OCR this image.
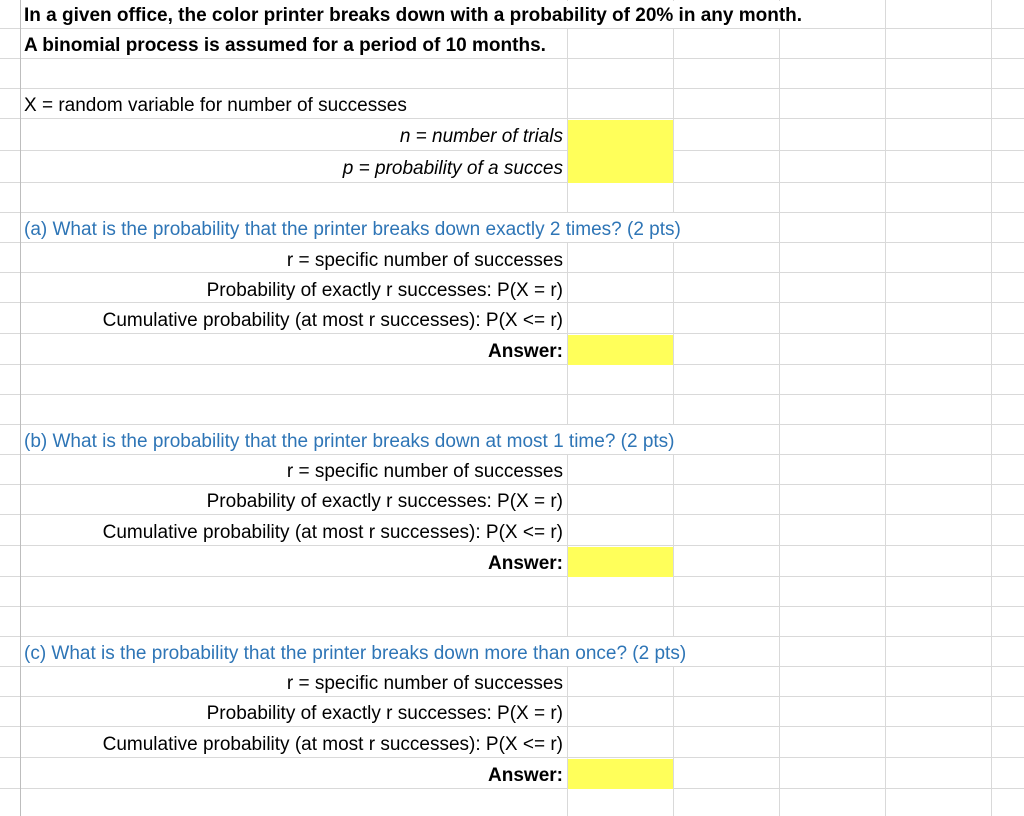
In a given office, the color printer breaks down with a probability of 20% in any month.
A binomial process is assumed for a period of 10 months.
X = random variable for number of successes
n = number of trials
p = probability of a succes
(a) What is the probability that the printer breaks down exactly 2 times? (2 pts)
r = specific number of successes
Probability of exactly r successes: P(X = r)
Cumulative probability (at most r successes): P(X <= r)
Answer:
(b) What is the probability that the printer breaks down at most 1 time? (2 pts)
r = specific number of successes
Probability of exactly r successes: P(X = r)
Cumulative probability (at most r successes): P(X <= r)
Answer:
(c) What is the probability that the printer breaks down more than once? (2 pts)
r = specific number of successes
Probability of exactly r successes: P(X = r)
Cumulative probability (at most r successes): P(X <= r)
Answer:
